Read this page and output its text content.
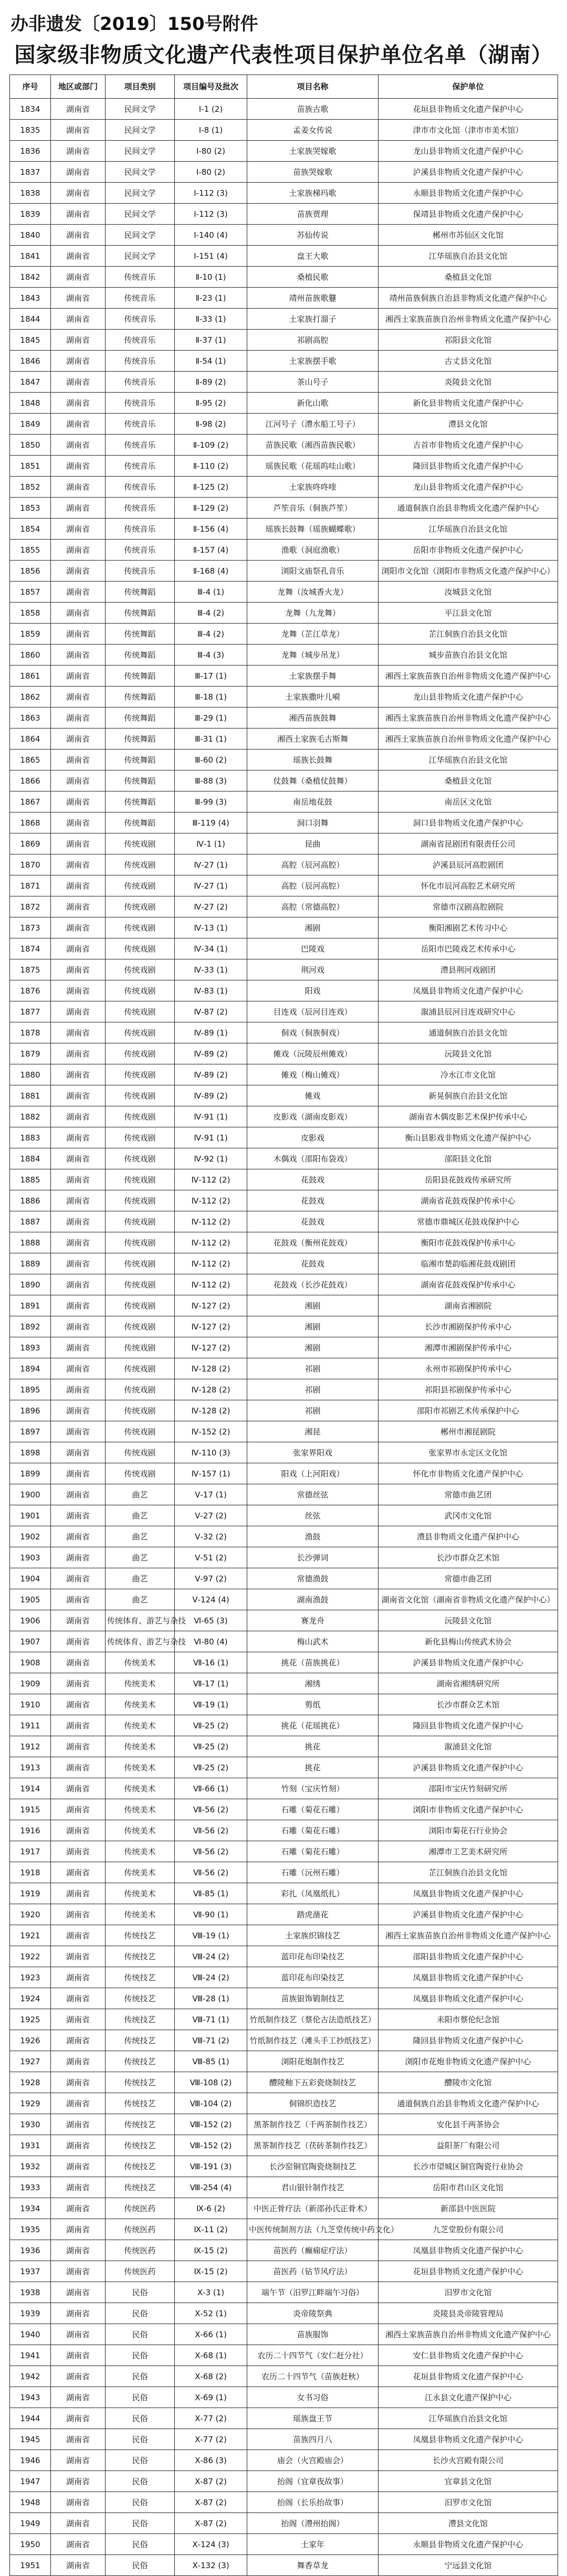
办非遗发〔2019〕150号附件
国家级非物质文化遗产代表性项目保护单位名单（湖南）
序号	地区或部门	项目类别	项目编号及批次	项目名称	保护单位
1834	湖南省	民间文学	Ⅰ-1 (2)	苗族古歌	花垣县非物质文化遗产保护中心
1835	湖南省	民间文学	Ⅰ-8 (1)	孟姜女传说	津市市文化馆（津市市美术馆）
1836	湖南省	民间文学	Ⅰ-80 (2)	土家族哭嫁歌	龙山县非物质文化遗产保护中心
1837	湖南省	民间文学	Ⅰ-80 (2)	苗族哭嫁歌	泸溪县非物质文化遗产保护中心
1838	湖南省	民间文学	Ⅰ-112 (3)	土家族梯玛歌	永顺县非物质文化遗产保护中心
1839	湖南省	民间文学	Ⅰ-112 (3)	苗族贾理	保靖县非物质文化遗产保护中心
1840	湖南省	民间文学	Ⅰ-140 (4)	苏仙传说	郴州市苏仙区文化馆
1841	湖南省	民间文学	Ⅰ-151 (4)	盘王大歌	江华瑶族自治县文化馆
1842	湖南省	传统音乐	Ⅱ-10 (1)	桑植民歌	桑植县文化馆
1843	湖南省	传统音乐	Ⅱ-23 (1)	靖州苗族歌鼟	靖州苗族侗族自治县非物质文化遗产保护中心
1844	湖南省	传统音乐	Ⅱ-33 (1)	土家族打溜子	湘西土家族苗族自治州非物质文化遗产保护中心
1845	湖南省	传统音乐	Ⅱ-37 (1)	祁剧高腔	祁阳县文化馆
1846	湖南省	传统音乐	Ⅱ-54 (1)	土家族摆手歌	古丈县文化馆
1847	湖南省	传统音乐	Ⅱ-89 (2)	茶山号子	炎陵县文化馆
1848	湖南省	传统音乐	Ⅱ-95 (2)	新化山歌	新化县非物质文化遗产保护中心
1849	湖南省	传统音乐	Ⅱ-98 (2)	江河号子（澧水船工号子）	澧县文化馆
1850	湖南省	传统音乐	Ⅱ-109 (2)	苗族民歌（湘西苗族民歌）	吉首市非物质文化遗产保护中心
1851	湖南省	传统音乐	Ⅱ-110 (2)	瑶族民歌（花瑶呜哇山歌）	隆回县非物质文化遗产保护中心
1852	湖南省	传统音乐	Ⅱ-125 (2)	土家族咚咚喹	龙山县非物质文化遗产保护中心
1853	湖南省	传统音乐	Ⅱ-129 (2)	芦笙音乐（侗族芦笙）	通道侗族自治县非物质文化遗产保护中心
1854	湖南省	传统音乐	Ⅱ-156 (4)	瑶族长鼓舞（瑶族蝴蝶歌）	江华瑶族自治县文化馆
1855	湖南省	传统音乐	Ⅱ-157 (4)	渔歌（洞庭渔歌）	岳阳市非物质文化遗产保护中心
1856	湖南省	传统音乐	Ⅱ-168 (4)	浏阳文庙祭孔音乐	浏阳市文化馆（浏阳市非物质文化遗产保护中心）
1857	湖南省	传统舞蹈	Ⅲ-4 (1)	龙舞（汝城香火龙）	汝城县文化馆
1858	湖南省	传统舞蹈	Ⅲ-4 (2)	龙舞（九龙舞）	平江县文化馆
1859	湖南省	传统舞蹈	Ⅲ-4 (2)	龙舞（芷江草龙）	芷江侗族自治县文化馆
1860	湖南省	传统舞蹈	Ⅲ-4 (3)	龙舞（城步吊龙）	城步苗族自治县文化馆
1861	湖南省	传统舞蹈	Ⅲ-17 (1)	土家族摆手舞	湘西土家族苗族自治州非物质文化遗产保护中心
1862	湖南省	传统舞蹈	Ⅲ-18 (1)	土家族撒叶儿嗬	龙山县非物质文化遗产保护中心
1863	湖南省	传统舞蹈	Ⅲ-29 (1)	湘西苗族鼓舞	湘西土家族苗族自治州非物质文化遗产保护中心
1864	湖南省	传统舞蹈	Ⅲ-31 (1)	湘西土家族毛古斯舞	湘西土家族苗族自治州非物质文化遗产保护中心
1865	湖南省	传统舞蹈	Ⅲ-60 (2)	瑶族长鼓舞	江华瑶族自治县文化馆
1866	湖南省	传统舞蹈	Ⅲ-88 (3)	仗鼓舞（桑植仗鼓舞）	桑植县文化馆
1867	湖南省	传统舞蹈	Ⅲ-99 (3)	南岳地花鼓	南岳区文化馆
1868	湖南省	传统舞蹈	Ⅲ-119 (4)	洞口羽舞	洞口县非物质文化遗产保护中心
1869	湖南省	传统戏剧	Ⅳ-1 (1)	昆曲	湖南省昆剧团有限责任公司
1870	湖南省	传统戏剧	Ⅳ-27 (1)	高腔（辰河高腔）	泸溪县辰河高腔剧团
1871	湖南省	传统戏剧	Ⅳ-27 (1)	高腔（辰河高腔）	怀化市辰河高腔艺术研究所
1872	湖南省	传统戏剧	Ⅳ-27 (2)	高腔（常德高腔）	常德市汉剧高腔剧院
1873	湖南省	传统戏剧	Ⅳ-13 (1)	湘剧	衡阳湘剧艺术传习中心
1874	湖南省	传统戏剧	Ⅳ-34 (1)	巴陵戏	岳阳市巴陵戏艺术传承中心
1875	湖南省	传统戏剧	Ⅳ-33 (1)	荆河戏	澧县荆河戏剧团
1876	湖南省	传统戏剧	Ⅳ-83 (1)	阳戏	凤凰县非物质文化遗产保护中心
1877	湖南省	传统戏剧	Ⅳ-87 (2)	目连戏（辰河目连戏）	溆浦县辰河目连戏研究中心
1878	湖南省	传统戏剧	Ⅳ-89 (1)	侗戏（侗族侗戏）	通道侗族自治县文化馆
1879	湖南省	传统戏剧	Ⅳ-89 (2)	傩戏（沅陵辰州傩戏）	沅陵县文化馆
1880	湖南省	传统戏剧	Ⅳ-89 (2)	傩戏（梅山傩戏）	冷水江市文化馆
1881	湖南省	传统戏剧	Ⅳ-89 (2)	傩戏	新晃侗族自治县文化馆
1882	湖南省	传统戏剧	Ⅳ-91 (1)	皮影戏（湖南皮影戏）	湖南省木偶皮影艺术保护传承中心
1883	湖南省	传统戏剧	Ⅳ-91 (1)	皮影戏	衡山县影戏非物质文化遗产保护中心
1884	湖南省	传统戏剧	Ⅳ-92 (1)	木偶戏（邵阳布袋戏）	邵阳县文化馆
1885	湖南省	传统戏剧	Ⅳ-112 (2)	花鼓戏	岳阳县花鼓戏传承研究所
1886	湖南省	传统戏剧	Ⅳ-112 (2)	花鼓戏	湖南省花鼓戏保护传承中心
1887	湖南省	传统戏剧	Ⅳ-112 (2)	花鼓戏	常德市鼎城区花鼓戏保护中心
1888	湖南省	传统戏剧	Ⅳ-112 (2)	花鼓戏（衡州花鼓戏）	衡阳市花鼓戏保护传承中心
1889	湖南省	传统戏剧	Ⅳ-112 (2)	花鼓戏	临湘市楚韵临湘花鼓戏剧团
1890	湖南省	传统戏剧	Ⅳ-112 (2)	花鼓戏（长沙花鼓戏）	湖南省花鼓戏保护传承中心
1891	湖南省	传统戏剧	Ⅳ-127 (2)	湘剧	湖南省湘剧院
1892	湖南省	传统戏剧	Ⅳ-127 (2)	湘剧	长沙市湘剧保护传承中心
1893	湖南省	传统戏剧	Ⅳ-127 (2)	湘剧	湘潭市湘剧保护传承中心
1894	湖南省	传统戏剧	Ⅳ-128 (2)	祁剧	永州市祁剧保护传承中心
1895	湖南省	传统戏剧	Ⅳ-128 (2)	祁剧	祁阳县祁剧保护传承中心
1896	湖南省	传统戏剧	Ⅳ-128 (2)	祁剧	邵阳市祁剧艺术传承保护中心
1897	湖南省	传统戏剧	Ⅳ-152 (2)	湘昆	郴州市湘昆剧院
1898	湖南省	传统戏剧	Ⅳ-110 (3)	张家界阳戏	张家界市永定区文化馆
1899	湖南省	传统戏剧	Ⅳ-157 (1)	阳戏（上河阳戏）	怀化市非物质文化遗产保护中心
1900	湖南省	曲艺	Ⅴ-17 (1)	常德丝弦	常德市曲艺团
1901	湖南省	曲艺	Ⅴ-27 (2)	丝弦	武冈市文化馆
1902	湖南省	曲艺	Ⅴ-32 (2)	渔鼓	澧县非物质文化遗产保护中心
1903	湖南省	曲艺	Ⅴ-51 (2)	长沙弹词	长沙市群众艺术馆
1904	湖南省	曲艺	Ⅴ-97 (2)	常德渔鼓	常德市曲艺团
1905	湖南省	曲艺	Ⅴ-124 (4)	湖南渔鼓	湖南省文化馆（湖南省非物质文化遗产保护中心）
1906	湖南省	传统体育、游艺与杂技	Ⅵ-65 (3)	赛龙舟	沅陵县文化馆
1907	湖南省	传统体育、游艺与杂技	Ⅵ-80 (4)	梅山武术	新化县梅山传统武术协会
1908	湖南省	传统美术	Ⅶ-16 (1)	挑花（苗族挑花）	泸溪县非物质文化遗产保护中心
1909	湖南省	传统美术	Ⅶ-17 (1)	湘绣	湖南省湘绣研究所
1910	湖南省	传统美术	Ⅶ-19 (1)	剪纸	长沙市群众艺术馆
1911	湖南省	传统美术	Ⅶ-25 (2)	挑花（花瑶挑花）	隆回县非物质文化遗产保护中心
1912	湖南省	传统美术	Ⅶ-25 (2)	挑花	溆浦县文化馆
1913	湖南省	传统美术	Ⅶ-25 (2)	挑花	泸溪县非物质文化遗产保护中心
1914	湖南省	传统美术	Ⅶ-66 (1)	竹刻（宝庆竹刻）	邵阳市宝庆竹刻研究所
1915	湖南省	传统美术	Ⅶ-56 (2)	石雕（菊花石雕）	浏阳市非物质文化遗产保护中心
1916	湖南省	传统美术	Ⅶ-56 (2)	石雕（菊花石雕）	浏阳市菊花石行业协会
1917	湖南省	传统美术	Ⅶ-56 (2)	石雕（菊花石雕）	湘潭市工艺美术研究所
1918	湖南省	传统美术	Ⅶ-56 (2)	石雕（沅州石雕）	芷江侗族自治县文化馆
1919	湖南省	传统美术	Ⅶ-85 (1)	彩扎（凤凰纸扎）	凤凰县非物质文化遗产保护中心
1920	湖南省	传统美术	Ⅶ-90 (1)	踏虎凿花	泸溪县非物质文化遗产保护中心
1921	湖南省	传统技艺	Ⅷ-19 (1)	土家族织锦技艺	湘西土家族苗族自治州非物质文化遗产保护中心
1922	湖南省	传统技艺	Ⅷ-24 (2)	蓝印花布印染技艺	邵阳县非物质文化遗产保护中心
1923	湖南省	传统技艺	Ⅷ-24 (2)	蓝印花布印染技艺	凤凰县非物质文化遗产保护中心
1924	湖南省	传统技艺	Ⅷ-28 (1)	苗族银饰锻制技艺	凤凰县非物质文化遗产保护中心
1925	湖南省	传统技艺	Ⅷ-71 (1)	竹纸制作技艺（蔡伦古法造纸技艺）	耒阳市蔡伦纪念馆
1926	湖南省	传统技艺	Ⅷ-71 (2)	竹纸制作技艺（滩头手工抄纸技艺）	隆回县非物质文化遗产保护中心
1927	湖南省	传统技艺	Ⅷ-85 (1)	浏阳花炮制作技艺	浏阳市花炮非物质文化遗产保护中心
1928	湖南省	传统技艺	Ⅷ-108 (2)	醴陵釉下五彩瓷烧制技艺	醴陵市文化馆
1929	湖南省	传统技艺	Ⅷ-104 (2)	侗锦织造技艺	通道侗族自治县非物质文化遗产保护中心
1930	湖南省	传统技艺	Ⅷ-152 (2)	黑茶制作技艺（千两茶制作技艺）	安化县千两茶协会
1931	湖南省	传统技艺	Ⅷ-152 (2)	黑茶制作技艺（茯砖茶制作技艺）	益阳茶厂有限公司
1932	湖南省	传统技艺	Ⅷ-191 (3)	长沙窑铜官陶瓷烧制技艺	长沙市望城区铜官陶瓷行业协会
1933	湖南省	传统技艺	Ⅷ-254 (4)	君山银针制作技艺	岳阳市君山区文化馆
1934	湖南省	传统医药	Ⅸ-6 (2)	中医正骨疗法（新邵孙氏正骨术）	新邵县中医医院
1935	湖南省	传统医药	Ⅸ-11 (2)	中医传统制剂方法（九芝堂传统中药文化）	九芝堂股份有限公司
1936	湖南省	传统医药	Ⅸ-15 (2)	苗医药（癫痫症疗法）	凤凰县非物质文化遗产保护中心
1937	湖南省	传统医药	Ⅸ-15 (2)	苗医药（钻节风疗法）	花垣县非物质文化遗产保护中心
1938	湖南省	民俗	Ⅹ-3 (1)	端午节（汨罗江畔端午习俗）	汨罗市文化馆
1939	湖南省	民俗	Ⅹ-52 (1)	炎帝陵祭典	炎陵县炎帝陵管理局
1940	湖南省	民俗	Ⅹ-66 (1)	苗族服饰	湘西土家族苗族自治州非物质文化遗产保护中心
1941	湖南省	民俗	Ⅹ-68 (1)	农历二十四节气（安仁赶分社）	安仁县非物质文化遗产保护中心
1942	湖南省	民俗	Ⅹ-68 (2)	农历二十四节气（苗族赶秋）	花垣县非物质文化遗产保护中心
1943	湖南省	民俗	Ⅹ-69 (1)	女书习俗	江永县文化遗产保护中心
1944	湖南省	民俗	Ⅹ-77 (2)	瑶族盘王节	江华瑶族自治县文化馆
1945	湖南省	民俗	Ⅹ-77 (2)	苗族四月八	凤凰县非物质文化遗产保护中心
1946	湖南省	民俗	Ⅹ-86 (3)	庙会（火宫殿庙会）	长沙火宫殿有限公司
1947	湖南省	民俗	Ⅹ-87 (2)	抬阁（宜章夜故事）	宜章县文化馆
1948	湖南省	民俗	Ⅹ-87 (2)	抬阁（长乐抬故事）	汨罗市文化馆
1949	湖南省	民俗	Ⅹ-87 (2)	抬阁（澧州抬阁）	澧县文化馆
1950	湖南省	民俗	Ⅹ-124 (3)	土家年	永顺县非物质文化遗产保护中心
1951	湖南省	民俗	Ⅹ-132 (3)	舞香草龙	宁远县文化馆
